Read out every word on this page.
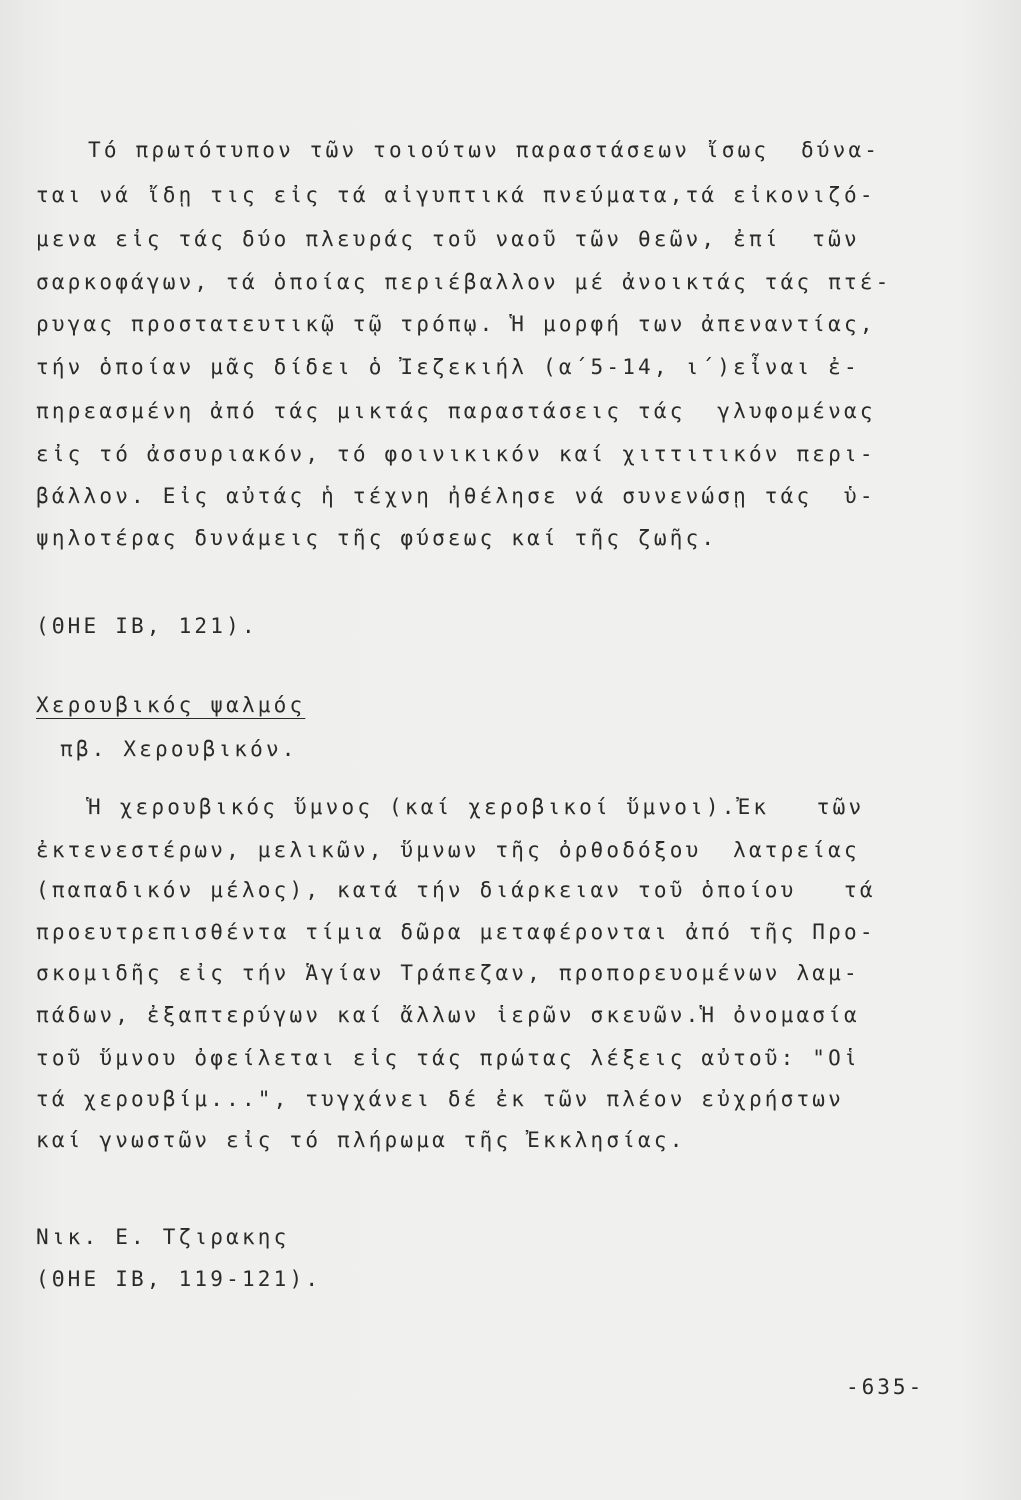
Τό πρωτότυπον τῶν τοιούτων παραστάσεων ἴσως  δύνα-
ται νά ἴδῃ τις εἰς τά αἰγυπτικά πνεύματα,τά εἰκονιζό-
μενα εἰς τάς δύο πλευράς τοῦ ναοῦ τῶν θεῶν, ἐπί  τῶν
σαρκοφάγων, τά ὁποίας περιέβαλλον μέ ἀνοικτάς τάς πτέ-
ρυγας προστατευτικῷ τῷ τρόπῳ. Ἡ μορφή των ἀπεναντίας,
τήν ὁποίαν μᾶς δίδει ὁ Ἰεζεκιήλ (α΄5-14, ι΄)εἶναι ἐ-
πηρεασμένη ἀπό τάς μικτάς παραστάσεις τάς  γλυφομένας
εἰς τό ἀσσυριακόν, τό φοινικικόν καί χιττιτικόν περι-
βάλλον. Εἰς αὐτάς ἡ τέχνη ἠθέλησε νά συνενώσῃ τάς  ὑ-
ψηλοτέρας δυνάμεις τῆς φύσεως καί τῆς ζωῆς.
(ΘΗΕ ΙΒ, 121).
Χερουβικός ψαλμός
πβ. Χερουβικόν.
Ἡ χερουβικός ὕμνος (καί χεροβικοί ὕμνοι).Ἐκ   τῶν
ἐκτενεστέρων, μελικῶν, ὕμνων τῆς ὀρθοδόξου  λατρείας
(παπαδικόν μέλος), κατά τήν διάρκειαν τοῦ ὁποίου   τά
προευτρεπισθέντα τίμια δῶρα μεταφέρονται ἀπό τῆς Προ-
σκομιδῆς εἰς τήν Ἁγίαν Τράπεζαν, προπορευομένων λαμ-
πάδων, ἐξαπτερύγων καί ἄλλων ἱερῶν σκευῶν.Ἡ ὀνομασία
τοῦ ὕμνου ὀφείλεται εἰς τάς πρώτας λέξεις αὐτοῦ: "Οἱ
τά χερουβίμ...", τυγχάνει δέ ἐκ τῶν πλέον εὐχρήστων
καί γνωστῶν εἰς τό πλήρωμα τῆς Ἐκκλησίας.
Νικ. Ε. Τζιρακης
(ΘΗΕ ΙΒ, 119-121).
-635-
